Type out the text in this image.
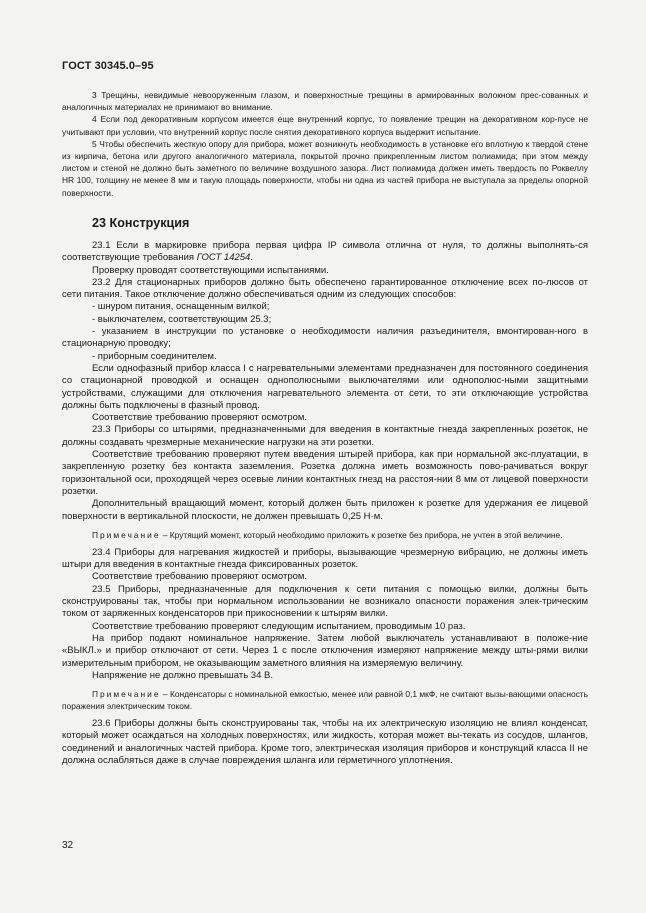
ГОСТ 30345.0–95

3 Трещины, невидимые невооруженным глазом, и поверхностные трещины в армированных волокном прес-сованных и аналогичных материалах не принимают во внимание.

4 Если под декоративным корпусом имеется еще внутренний корпус, то появление трещин на декоративном кор-пусе не учитывают при условии, что внутренний корпус после снятия декоративного корпуса выдержит испытание.

5 Чтобы обеспечить жесткую опору для прибора, может возникнуть необходимость в установке его вплотную к твердой стене из кирпича, бетона или другого аналогичного материала, покрытой прочно прикрепленным листом полиамида; при этом между листом и стеной не должно быть заметного по величине воздушного зазора. Лист полиамида должен иметь твердость по Роквеллу HR 100, толщину не менее 8 мм и такую площадь поверхности, чтобы ни одна из частей прибора не выступала за пределы опорной поверхности.

23 Конструкция

23.1 Если в маркировке прибора первая цифра IP символа отлична от нуля, то должны выполнять-ся соответствующие требования ГОСТ 14254.

Проверку проводят соответствующими испытаниями.

23.2 Для стационарных приборов должно быть обеспечено гарантированное отключение всех по-люсов от сети питания. Такое отключение должно обеспечиваться одним из следующих способов:

- шнуром питания, оснащенным вилкой;

- выключателем, соответствующим 25.3;

- указанием в инструкции по установке о необходимости наличия разъединителя, вмонтирован-ного в стационарную проводку;

- приборным соединителем.

Если однофазный прибор класса I с нагревательными элементами предназначен для постоянного соединения со стационарной проводкой и оснащен однополюсными выключателями или однополюс-ными защитными устройствами, служащими для отключения нагревательного элемента от сети, то эти отключающие устройства должны быть подключены в фазный провод.

Соответствие требованию проверяют осмотром.

23.3 Приборы со штырями, предназначенными для введения в контактные гнезда закрепленных розеток, не должны создавать чрезмерные механические нагрузки на эти розетки.

Соответствие требованию проверяют путем введения штырей прибора, как при нормальной экс-плуатации, в закрепленную розетку без контакта заземления. Розетка должна иметь возможность пово-рачиваться вокруг горизонтальной оси, проходящей через осевые линии контактных гнезд на расстоя-нии 8 мм от лицевой поверхности розетки.

Дополнительный вращающий момент, который должен быть приложен к розетке для удержания ее лицевой поверхности в вертикальной плоскости, не должен превышать 0,25 Н·м.

Примечание – Крутящий момент, который необходимо приложить к розетке без прибора, не учтен в этой величине.

23.4 Приборы для нагревания жидкостей и приборы, вызывающие чрезмерную вибрацию, не должны иметь штыри для введения в контактные гнезда фиксированных розеток.

Соответствие требованию проверяют осмотром.

23.5 Приборы, предназначенные для подключения к сети питания с помощью вилки, должны быть сконструированы так, чтобы при нормальном использовании не возникало опасности поражения элек-трическим током от заряженных конденсаторов при прикосновении к штырям вилки.

Соответствие требованию проверяют следующим испытанием, проводимым 10 раз.

На прибор подают номинальное напряжение. Затем любой выключатель устанавливают в положе-ние «ВЫКЛ.» и прибор отключают от сети. Через 1 с после отключения измеряют напряжение между шты-рями вилки измерительным прибором, не оказывающим заметного влияния на измеряемую величину.

Напряжение не должно превышать 34 В.

Примечание – Конденсаторы с номинальной емкостью, менее или равной 0,1 мкФ, не считают вызы-вающими опасность поражения электрическим током.

23.6 Приборы должны быть сконструированы так, чтобы на их электрическую изоляцию не влиял конденсат, который может осаждаться на холодных поверхностях, или жидкость, которая может вы-текать из сосудов, шлангов, соединений и аналогичных частей прибора. Кроме того, электрическая изоляция приборов и конструкций класса II не должна ослабляться даже в случае повреждения шланга или герметичного уплотнения.

32
